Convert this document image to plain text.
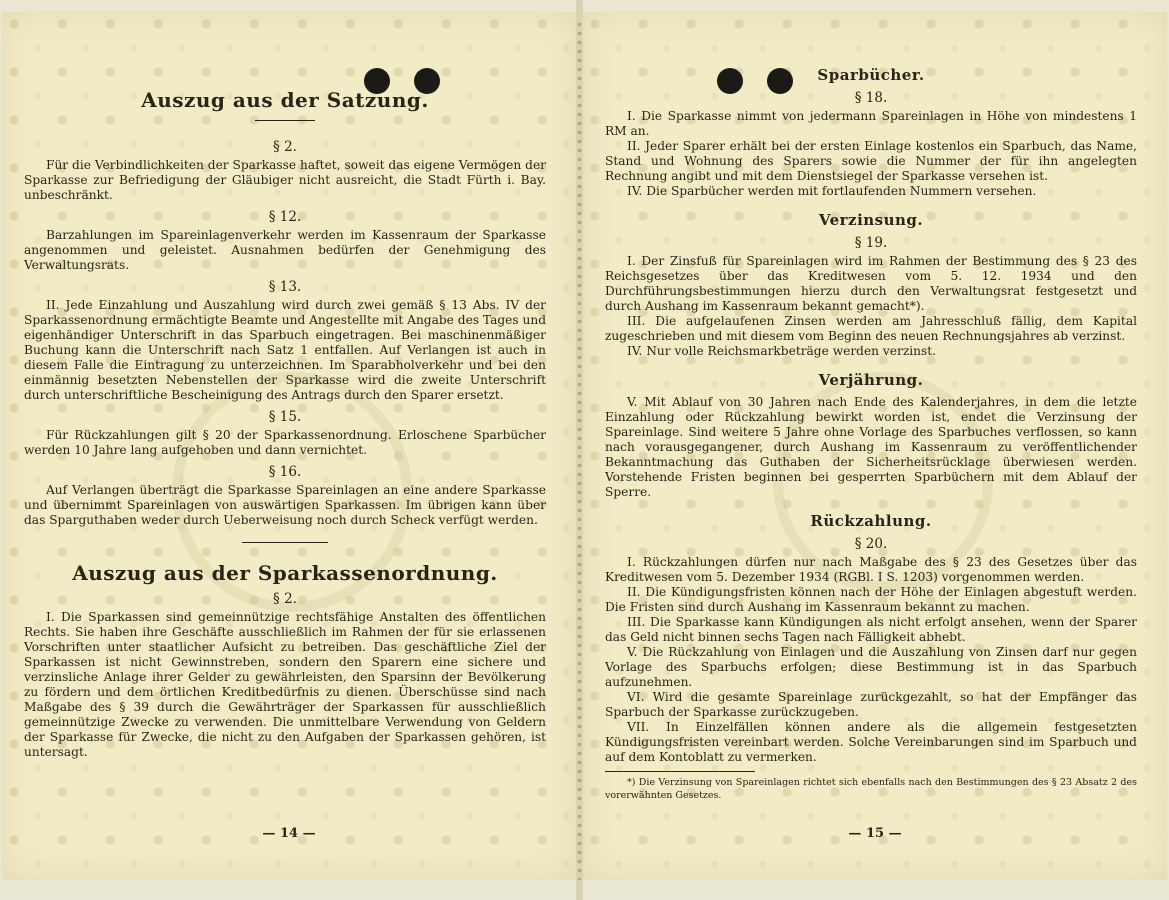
Auszug aus der Satzung.
§ 2.

Für die Verbindlichkeiten der Sparkasse haftet, soweit das eigene Vermögen der Sparkasse zur Befriedigung der Gläubiger nicht ausreicht, die Stadt Fürth i. Bay. unbeschränkt.

§ 12.

Barzahlungen im Spareinlagenverkehr werden im Kassenraum der Sparkasse angenommen und geleistet. Ausnahmen bedürfen der Genehmigung des Verwaltungsrats.

§ 13.

II. Jede Einzahlung und Auszahlung wird durch zwei gemäß § 13 Abs. IV der Sparkassenordnung ermächtigte Beamte und Angestellte mit Angabe des Tages und eigenhändiger Unterschrift in das Sparbuch eingetragen. Bei maschinenmäßiger Buchung kann die Unterschrift nach Satz 1 entfallen. Auf Verlangen ist auch in diesem Falle die Eintragung zu unterzeichnen. Im Sparabholverkehr und bei den einmännig besetzten Nebenstellen der Sparkasse wird die zweite Unterschrift durch unterschriftliche Bescheinigung des Antrags durch den Sparer ersetzt.

§ 15.

Für Rückzahlungen gilt § 20 der Sparkassenordnung. Erloschene Sparbücher werden 10 Jahre lang aufgehoben und dann vernichtet.

§ 16.

Auf Verlangen überträgt die Sparkasse Spareinlagen an eine andere Sparkasse und übernimmt Spareinlagen von auswärtigen Sparkassen. Im übrigen kann über das Sparguthaben weder durch Ueberweisung noch durch Scheck verfügt werden.

Auszug aus der Sparkassenordnung.
§ 2.

I. Die Sparkassen sind gemeinnützige rechtsfähige Anstalten des öffentlichen Rechts. Sie haben ihre Geschäfte ausschließlich im Rahmen der für sie erlassenen Vorschriften unter staatlicher Aufsicht zu betreiben. Das geschäftliche Ziel der Sparkassen ist nicht Gewinnstreben, sondern den Sparern eine sichere und verzinsliche Anlage ihrer Gelder zu gewährleisten, den Sparsinn der Bevölkerung zu fördern und dem örtlichen Kreditbedürfnis zu dienen. Überschüsse sind nach Maßgabe des § 39 durch die Gewährträger der Sparkassen für ausschließlich gemeinnützige Zwecke zu verwenden. Die unmittelbare Verwendung von Geldern der Sparkasse für Zwecke, die nicht zu den Aufgaben der Sparkassen gehören, ist untersagt.

— 14 —
Sparbücher.
§ 18.

I. Die Sparkasse nimmt von jedermann Spareinlagen in Höhe von mindestens 1 RM an.

II. Jeder Sparer erhält bei der ersten Einlage kostenlos ein Sparbuch, das Name, Stand und Wohnung des Sparers sowie die Nummer der für ihn angelegten Rechnung angibt und mit dem Dienstsiegel der Sparkasse versehen ist.

IV. Die Sparbücher werden mit fortlaufenden Nummern versehen.

Verzinsung.
§ 19.

I. Der Zinsfuß für Spareinlagen wird im Rahmen der Bestimmung des § 23 des Reichsgesetzes über das Kreditwesen vom 5. 12. 1934 und den Durchführungsbestimmungen hierzu durch den Verwaltungsrat festgesetzt und durch Aushang im Kassenraum bekannt gemacht*).

III. Die aufgelaufenen Zinsen werden am Jahresschluß fällig, dem Kapital zugeschrieben und mit diesem vom Beginn des neuen Rechnungsjahres ab verzinst.

IV. Nur volle Reichsmarkbeträge werden verzinst.

Verjährung.

V. Mit Ablauf von 30 Jahren nach Ende des Kalenderjahres, in dem die letzte Einzahlung oder Rückzahlung bewirkt worden ist, endet die Verzinsung der Spareinlage. Sind weitere 5 Jahre ohne Vorlage des Sparbuches verflossen, so kann nach vorausgegangener, durch Aushang im Kassenraum zu veröffentlichender Bekanntmachung das Guthaben der Sicherheitsrücklage überwiesen werden. Vorstehende Fristen beginnen bei gesperrten Sparbüchern mit dem Ablauf der Sperre.

Rückzahlung.
§ 20.

I. Rückzahlungen dürfen nur nach Maßgabe des § 23 des Gesetzes über das Kreditwesen vom 5. Dezember 1934 (RGBl. I S. 1203) vorgenommen werden.

II. Die Kündigungsfristen können nach der Höhe der Einlagen abgestuft werden. Die Fristen sind durch Aushang im Kassenraum bekannt zu machen.

III. Die Sparkasse kann Kündigungen als nicht erfolgt ansehen, wenn der Sparer das Geld nicht binnen sechs Tagen nach Fälligkeit abhebt.

V. Die Rückzahlung von Einlagen und die Auszahlung von Zinsen darf nur gegen Vorlage des Sparbuchs erfolgen; diese Bestimmung ist in das Sparbuch aufzunehmen.

VI. Wird die gesamte Spareinlage zurückgezahlt, so hat der Empfänger das Sparbuch der Sparkasse zurückzugeben.

VII. In Einzelfällen können andere als die allgemein festgesetzten Kündigungsfristen vereinbart werden. Solche Vereinbarungen sind im Sparbuch und auf dem Kontoblatt zu vermerken.

*) Die Verzinsung von Spareinlagen richtet sich ebenfalls nach den Bestimmungen des § 23 Absatz 2 des vorerwähnten Gesetzes.

— 15 —
